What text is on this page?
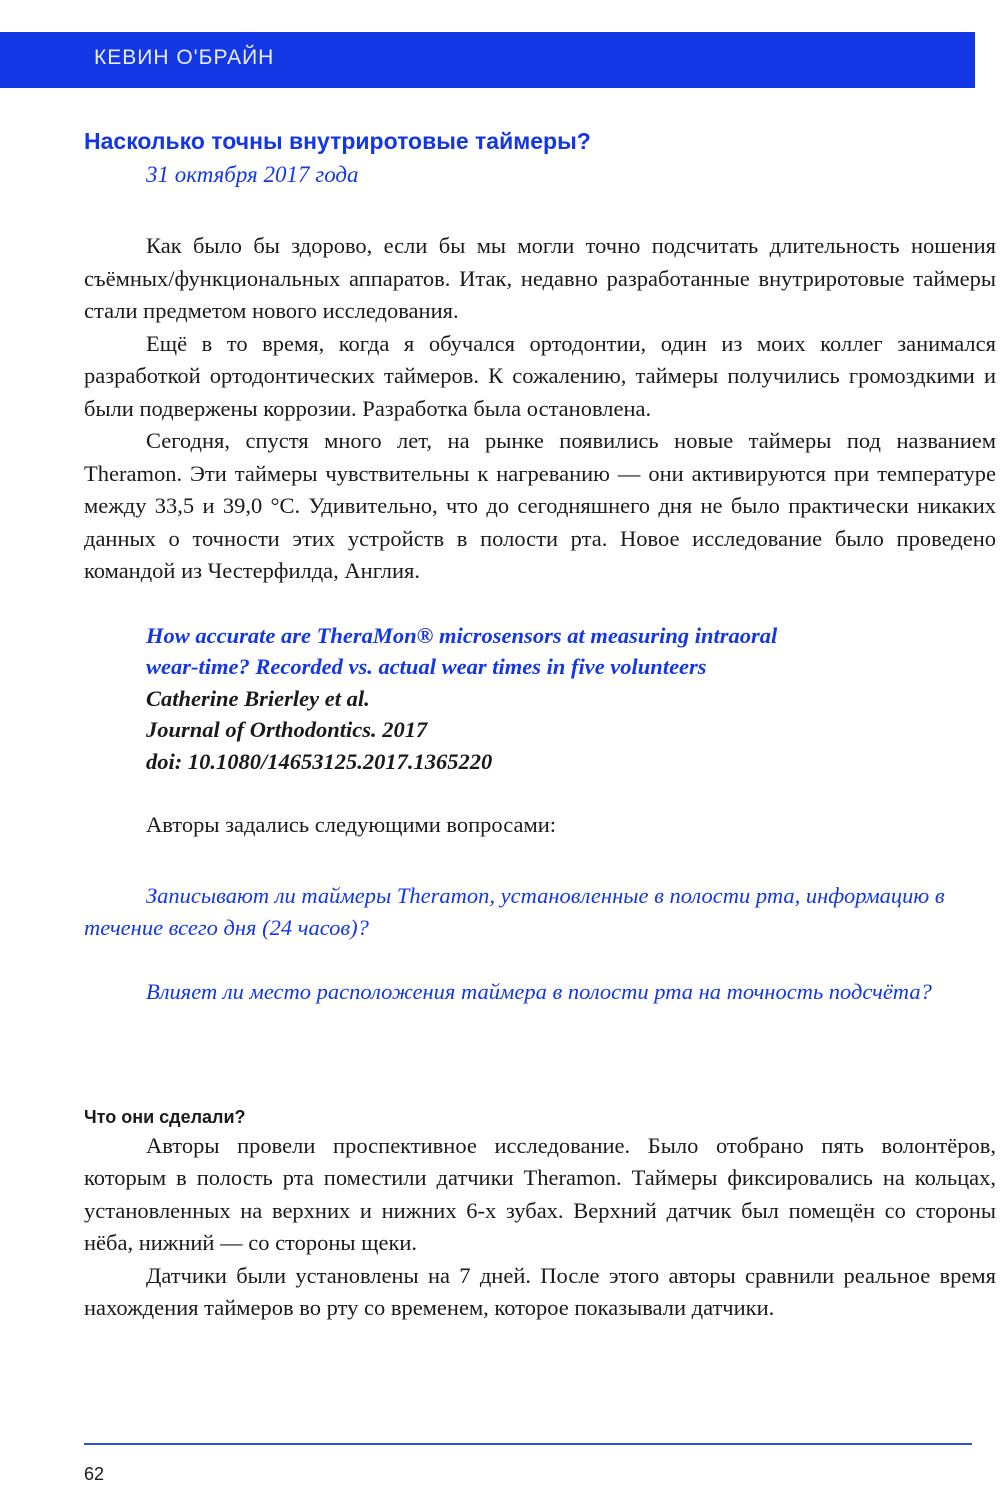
КЕВИН О'БРАЙН
Насколько точны внутриротовые таймеры?
31 октября 2017 года

Как было бы здорово, если бы мы могли точно подсчитать длительность ношения съёмных/функциональных аппаратов. Итак, недавно разработанные внутриротовые таймеры стали предметом нового исследования.

Ещё в то время, когда я обучался ортодонтии, один из моих коллег занимался разработкой ортодонтических таймеров. К сожалению, таймеры получились громоздкими и были подвержены коррозии. Разработка была остановлена.

Сегодня, спустя много лет, на рынке появились новые таймеры под названием Theramon. Эти таймеры чувствительны к нагреванию — они активируются при температуре между 33,5 и 39,0 °C. Удивительно, что до сегодняшнего дня не было практически никаких данных о точности этих устройств в полости рта. Новое исследование было проведено командой из Честерфилда, Англия.

How accurate are TheraMon® microsensors at measuring intraoral
wear-time? Recorded vs. actual wear times in five volunteers
Catherine Brierley et al.
Journal of Orthodontics. 2017
doi: 10.1080/14653125.2017.1365220

Авторы задались следующими вопросами:

Записывают ли таймеры Theramon, установленные в полости рта, информацию в течение всего дня (24 часов)?

Влияет ли место расположения таймера в полости рта на точность подсчёта?

Что они сделали?

Авторы провели проспективное исследование. Было отобрано пять волонтёров, которым в полость рта поместили датчики Theramon. Таймеры фиксировались на кольцах, установленных на верхних и нижних 6-х зубах. Верхний датчик был помещён со стороны нёба, нижний — со стороны щеки.

Датчики были установлены на 7 дней. После этого авторы сравнили реальное время нахождения таймеров во рту со временем, которое показывали датчики.

62
